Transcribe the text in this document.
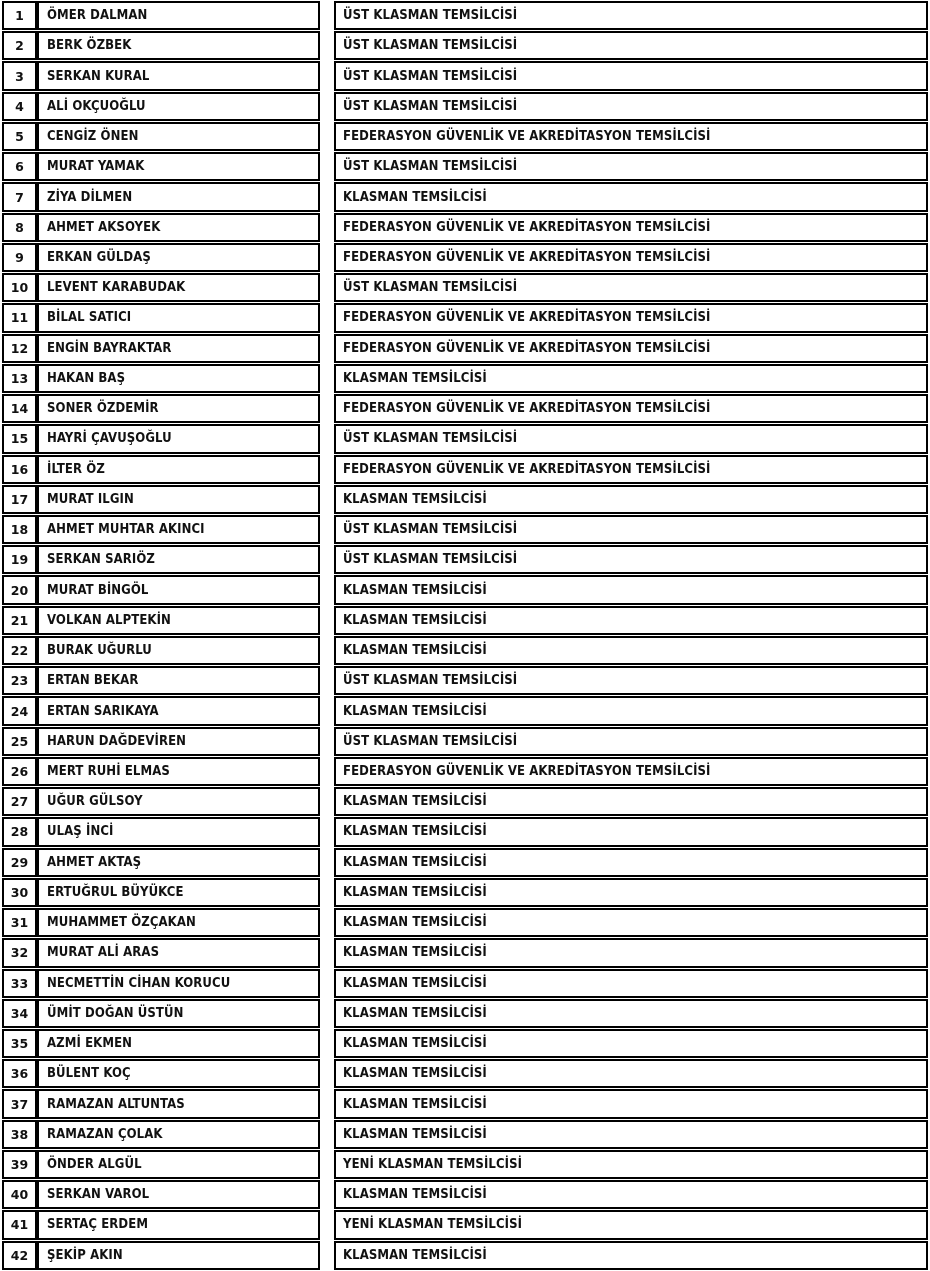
1	ÖMER DALMAN	ÜST KLASMAN TEMSİLCİSİ
2	BERK ÖZBEK	ÜST KLASMAN TEMSİLCİSİ
3	SERKAN KURAL	ÜST KLASMAN TEMSİLCİSİ
4	ALİ OKÇUOĞLU	ÜST KLASMAN TEMSİLCİSİ
5	CENGİZ ÖNEN	FEDERASYON GÜVENLİK VE AKREDİTASYON TEMSİLCİSİ
6	MURAT YAMAK	ÜST KLASMAN TEMSİLCİSİ
7	ZİYA DİLMEN	KLASMAN TEMSİLCİSİ
8	AHMET AKSOYEK	FEDERASYON GÜVENLİK VE AKREDİTASYON TEMSİLCİSİ
9	ERKAN GÜLDAŞ	FEDERASYON GÜVENLİK VE AKREDİTASYON TEMSİLCİSİ
10	LEVENT KARABUDAK	ÜST KLASMAN TEMSİLCİSİ
11	BİLAL SATICI	FEDERASYON GÜVENLİK VE AKREDİTASYON TEMSİLCİSİ
12	ENGİN BAYRAKTAR	FEDERASYON GÜVENLİK VE AKREDİTASYON TEMSİLCİSİ
13	HAKAN BAŞ	KLASMAN TEMSİLCİSİ
14	SONER ÖZDEMİR	FEDERASYON GÜVENLİK VE AKREDİTASYON TEMSİLCİSİ
15	HAYRİ ÇAVUŞOĞLU	ÜST KLASMAN TEMSİLCİSİ
16	İLTER ÖZ	FEDERASYON GÜVENLİK VE AKREDİTASYON TEMSİLCİSİ
17	MURAT ILGIN	KLASMAN TEMSİLCİSİ
18	AHMET MUHTAR AKINCI	ÜST KLASMAN TEMSİLCİSİ
19	SERKAN SARIÖZ	ÜST KLASMAN TEMSİLCİSİ
20	MURAT BİNGÖL	KLASMAN TEMSİLCİSİ
21	VOLKAN ALPTEKİN	KLASMAN TEMSİLCİSİ
22	BURAK UĞURLU	KLASMAN TEMSİLCİSİ
23	ERTAN BEKAR	ÜST KLASMAN TEMSİLCİSİ
24	ERTAN SARIKAYA	KLASMAN TEMSİLCİSİ
25	HARUN DAĞDEVİREN	ÜST KLASMAN TEMSİLCİSİ
26	MERT RUHİ ELMAS	FEDERASYON GÜVENLİK VE AKREDİTASYON TEMSİLCİSİ
27	UĞUR GÜLSOY	KLASMAN TEMSİLCİSİ
28	ULAŞ İNCİ	KLASMAN TEMSİLCİSİ
29	AHMET AKTAŞ	KLASMAN TEMSİLCİSİ
30	ERTUĞRUL BÜYÜKCE	KLASMAN TEMSİLCİSİ
31	MUHAMMET ÖZÇAKAN	KLASMAN TEMSİLCİSİ
32	MURAT ALİ ARAS	KLASMAN TEMSİLCİSİ
33	NECMETTİN CİHAN KORUCU	KLASMAN TEMSİLCİSİ
34	ÜMİT DOĞAN ÜSTÜN	KLASMAN TEMSİLCİSİ
35	AZMİ EKMEN	KLASMAN TEMSİLCİSİ
36	BÜLENT KOÇ	KLASMAN TEMSİLCİSİ
37	RAMAZAN ALTUNTAS	KLASMAN TEMSİLCİSİ
38	RAMAZAN ÇOLAK	KLASMAN TEMSİLCİSİ
39	ÖNDER ALGÜL	YENİ KLASMAN TEMSİLCİSİ
40	SERKAN VAROL	KLASMAN TEMSİLCİSİ
41	SERTAÇ ERDEM	YENİ KLASMAN TEMSİLCİSİ
42	ŞEKİP AKIN	KLASMAN TEMSİLCİSİ
